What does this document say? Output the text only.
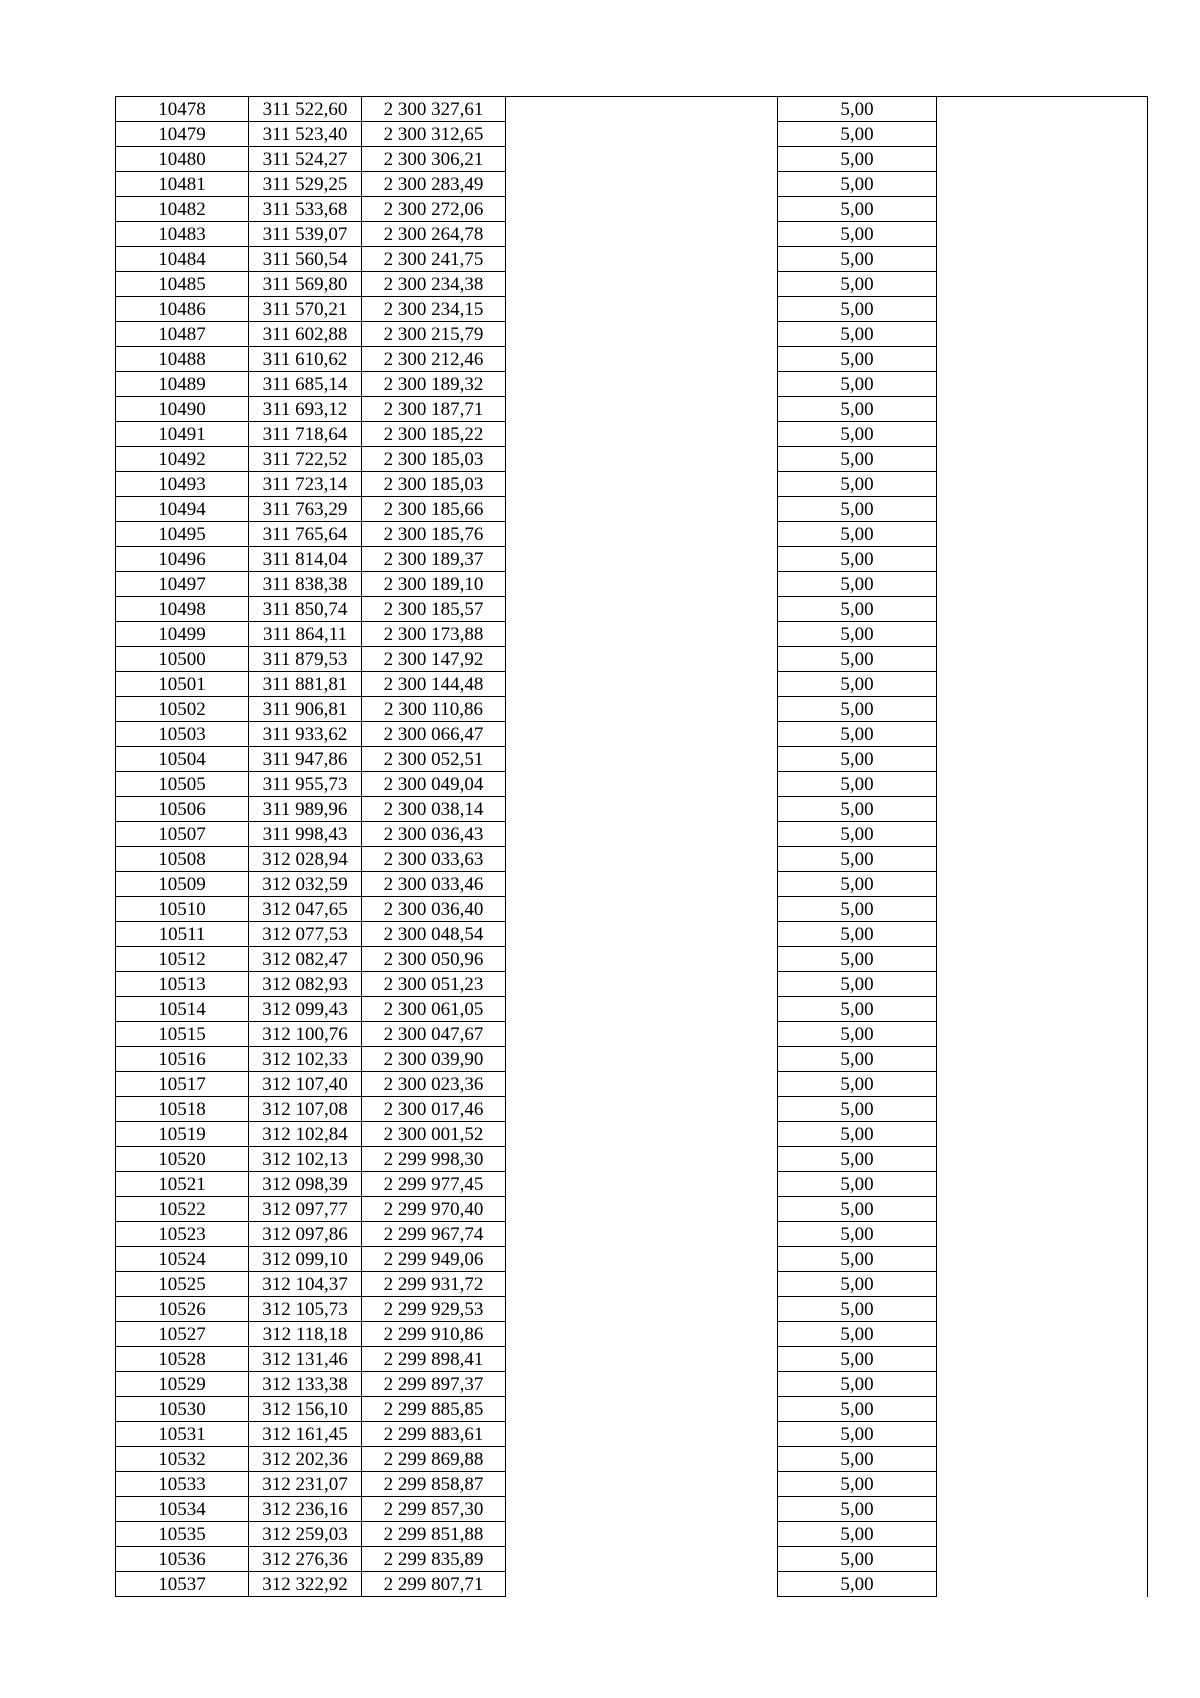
10478	311 522,60	2 300 327,61		5,00	
10479	311 523,40	2 300 312,65		5,00	
10480	311 524,27	2 300 306,21		5,00	
10481	311 529,25	2 300 283,49		5,00	
10482	311 533,68	2 300 272,06		5,00	
10483	311 539,07	2 300 264,78		5,00	
10484	311 560,54	2 300 241,75		5,00	
10485	311 569,80	2 300 234,38		5,00	
10486	311 570,21	2 300 234,15		5,00	
10487	311 602,88	2 300 215,79		5,00	
10488	311 610,62	2 300 212,46		5,00	
10489	311 685,14	2 300 189,32		5,00	
10490	311 693,12	2 300 187,71		5,00	
10491	311 718,64	2 300 185,22		5,00	
10492	311 722,52	2 300 185,03		5,00	
10493	311 723,14	2 300 185,03		5,00	
10494	311 763,29	2 300 185,66		5,00	
10495	311 765,64	2 300 185,76		5,00	
10496	311 814,04	2 300 189,37		5,00	
10497	311 838,38	2 300 189,10		5,00	
10498	311 850,74	2 300 185,57		5,00	
10499	311 864,11	2 300 173,88		5,00	
10500	311 879,53	2 300 147,92		5,00	
10501	311 881,81	2 300 144,48		5,00	
10502	311 906,81	2 300 110,86		5,00	
10503	311 933,62	2 300 066,47		5,00	
10504	311 947,86	2 300 052,51		5,00	
10505	311 955,73	2 300 049,04		5,00	
10506	311 989,96	2 300 038,14		5,00	
10507	311 998,43	2 300 036,43		5,00	
10508	312 028,94	2 300 033,63		5,00	
10509	312 032,59	2 300 033,46		5,00	
10510	312 047,65	2 300 036,40		5,00	
10511	312 077,53	2 300 048,54		5,00	
10512	312 082,47	2 300 050,96		5,00	
10513	312 082,93	2 300 051,23		5,00	
10514	312 099,43	2 300 061,05		5,00	
10515	312 100,76	2 300 047,67		5,00	
10516	312 102,33	2 300 039,90		5,00	
10517	312 107,40	2 300 023,36		5,00	
10518	312 107,08	2 300 017,46		5,00	
10519	312 102,84	2 300 001,52		5,00	
10520	312 102,13	2 299 998,30		5,00	
10521	312 098,39	2 299 977,45		5,00	
10522	312 097,77	2 299 970,40		5,00	
10523	312 097,86	2 299 967,74		5,00	
10524	312 099,10	2 299 949,06		5,00	
10525	312 104,37	2 299 931,72		5,00	
10526	312 105,73	2 299 929,53		5,00	
10527	312 118,18	2 299 910,86		5,00	
10528	312 131,46	2 299 898,41		5,00	
10529	312 133,38	2 299 897,37		5,00	
10530	312 156,10	2 299 885,85		5,00	
10531	312 161,45	2 299 883,61		5,00	
10532	312 202,36	2 299 869,88		5,00	
10533	312 231,07	2 299 858,87		5,00	
10534	312 236,16	2 299 857,30		5,00	
10535	312 259,03	2 299 851,88		5,00	
10536	312 276,36	2 299 835,89		5,00	
10537	312 322,92	2 299 807,71		5,00	
